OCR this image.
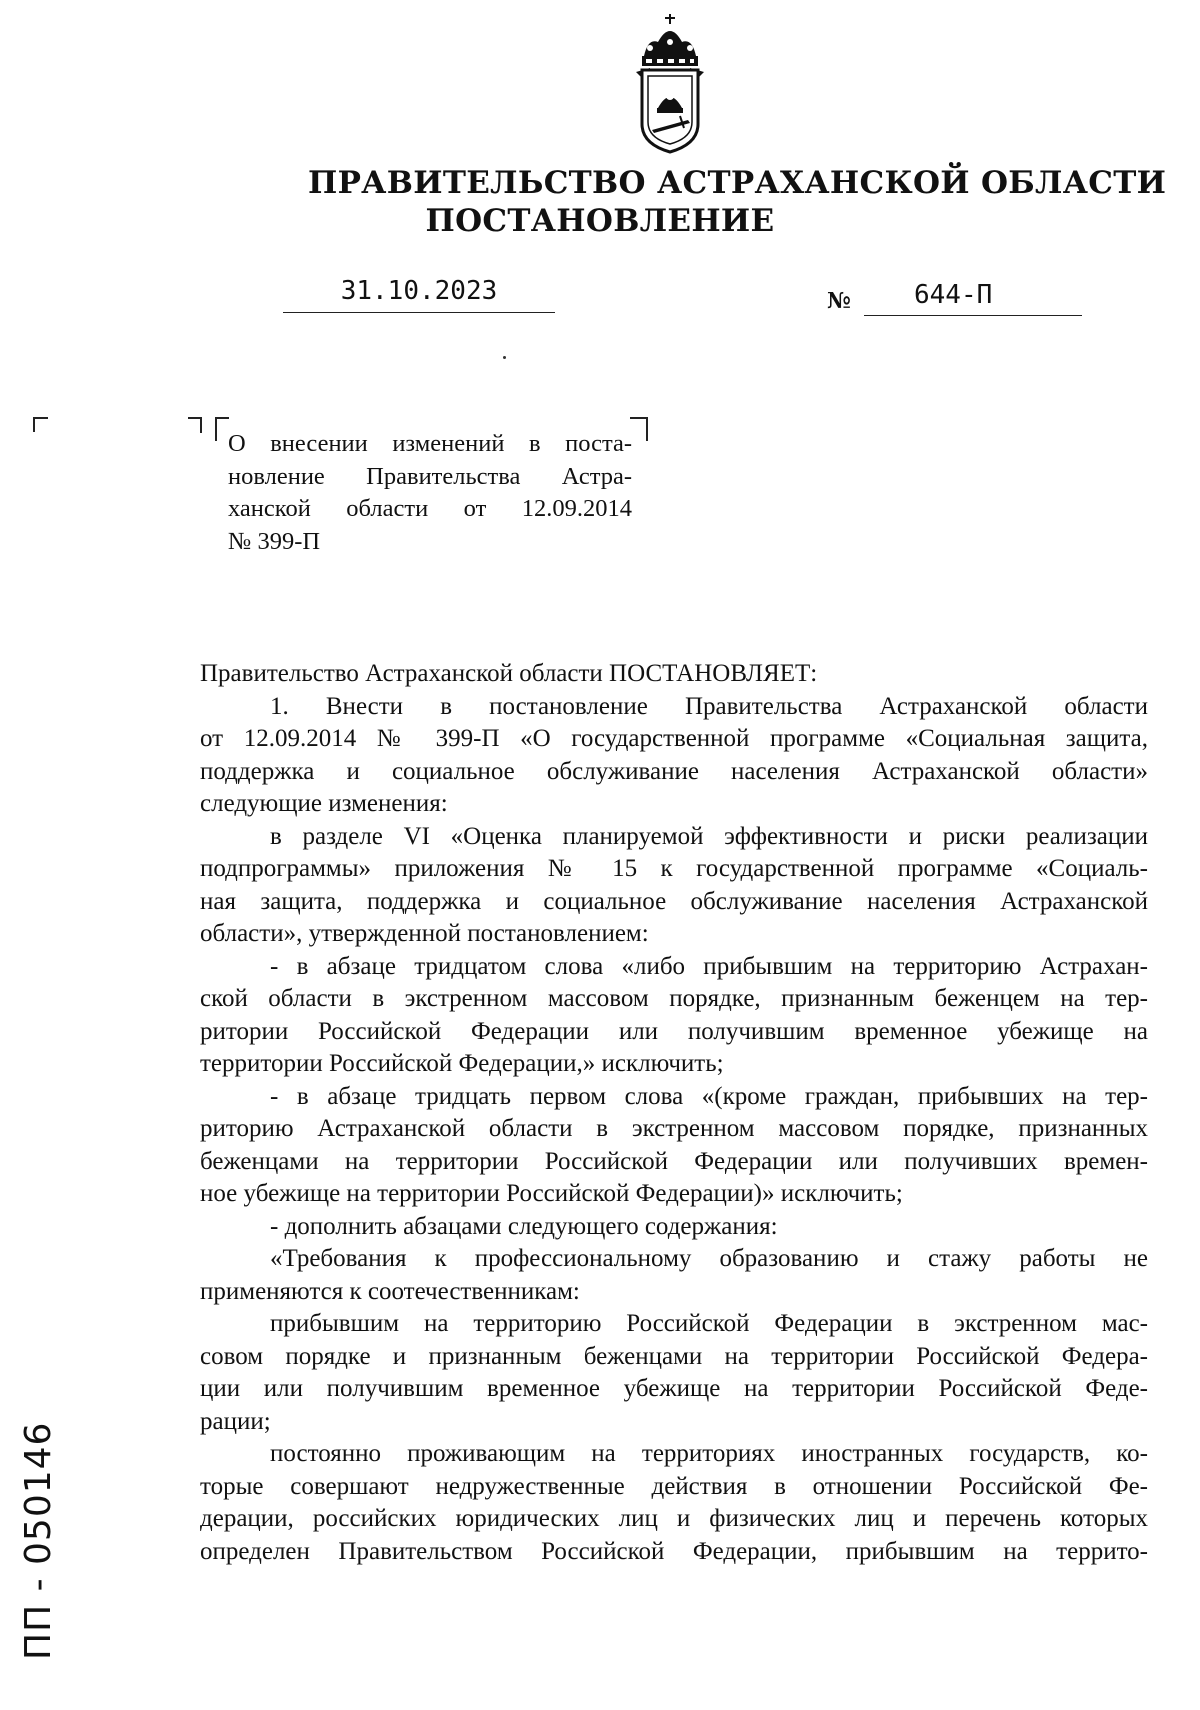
ПРАВИТЕЛЬСТВО АСТРАХАНСКОЙ ОБЛАСТИ
ПОСТАНОВЛЕНИЕ
31.10.2023	№	644-П
О внесении изменений в поста-
новление Правительства Астра-
ханской области от 12.09.2014
№ 399-П
Правительство Астраханской области ПОСТАНОВЛЯЕТ:
1. Внести в постановление Правительства Астраханской области
от 12.09.2014 № 399-П «О государственной программе «Социальная защита,
поддержка и социальное обслуживание населения Астраханской области»
следующие изменения:
в разделе VI «Оценка планируемой эффективности и риски реализации
подпрограммы» приложения № 15 к государственной программе «Социаль-
ная защита, поддержка и социальное обслуживание населения Астраханской
области», утвержденной постановлением:
- в абзаце тридцатом слова «либо прибывшим на территорию Астрахан-
ской области в экстренном массовом порядке, признанным беженцем на тер-
ритории Российской Федерации или получившим временное убежище на
территории Российской Федерации,» исключить;
- в абзаце тридцать первом слова «(кроме граждан, прибывших на тер-
риторию Астраханской области в экстренном массовом порядке, признанных
беженцами на территории Российской Федерации или получивших времен-
ное убежище на территории Российской Федерации)» исключить;
- дополнить абзацами следующего содержания:
«Требования к профессиональному образованию и стажу работы не
применяются к соотечественникам:
прибывшим на территорию Российской Федерации в экстренном мас-
совом порядке и признанным беженцами на территории Российской Федера-
ции или получившим временное убежище на территории Российской Феде-
рации;
постоянно проживающим на территориях иностранных государств, ко-
торые совершают недружественные действия в отношении Российской Фе-
дерации, российских юридических лиц и физических лиц и перечень которых
определен Правительством Российской Федерации, прибывшим на террито-
ПП - 050146
